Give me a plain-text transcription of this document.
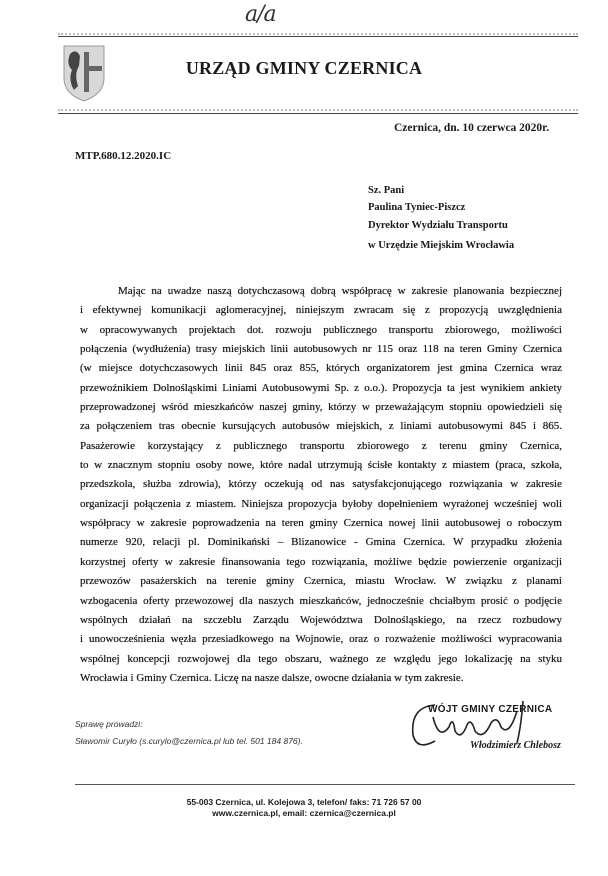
a/a
URZĄD GMINY CZERNICA
Czernica, dn. 10 czerwca 2020r.
MTP.680.12.2020.IC
Sz. Pani
Paulina Tyniec-Piszcz
Dyrektor Wydziału Transportu
w Urzędzie Miejskim Wrocławia
Mając na uwadze naszą dotychczasową dobrą współpracę w zakresie planowania bezpiecznej
i efektywnej komunikacji aglomeracyjnej, niniejszym zwracam się z propozycją uwzględnienia
w opracowywanych projektach dot. rozwoju publicznego transportu zbiorowego, możliwości
połączenia (wydłużenia) trasy miejskich linii autobusowych nr 115 oraz 118 na teren Gminy Czernica
(w miejsce dotychczasowych linii 845 oraz 855, których organizatorem jest gmina Czernica wraz
przewoźnikiem Dolnośląskimi Liniami Autobusowymi Sp. z o.o.). Propozycja ta jest wynikiem ankiety
przeprowadzonej wśród mieszkańców naszej gminy, którzy w przeważającym stopniu opowiedzieli się
za połączeniem tras obecnie kursujących autobusów miejskich, z liniami autobusowymi 845 i 865.
Pasażerowie korzystający z publicznego transportu zbiorowego z terenu gminy Czernica,
to w znacznym stopniu osoby nowe, które nadal utrzymują ścisłe kontakty z miastem (praca, szkoła,
przedszkola, służba zdrowia), którzy oczekują od nas satysfakcjonującego rozwiązania w zakresie
organizacji połączenia z miastem. Niniejsza propozycja byłoby dopełnieniem wyrażonej wcześniej woli
współpracy w zakresie poprowadzenia na teren gminy Czernica nowej linii autobusowej o roboczym
numerze 920, relacji pl. Dominikański – Blizanowice - Gmina Czernica. W przypadku złożenia
korzystnej oferty w zakresie finansowania tego rozwiązania, możliwe będzie powierzenie organizacji
przewozów pasażerskich na terenie gminy Czernica, miastu Wrocław. W związku z planami
wzbogacenia oferty przewozowej dla naszych mieszkańców, jednocześnie chciałbym prosić o podjęcie
wspólnych działań na szczeblu Zarządu Województwa Dolnośląskiego, na rzecz rozbudowy
i unowocześnienia węzła przesiadkowego na Wojnowie, oraz o rozważenie możliwości wypracowania
wspólnej koncepcji rozwojowej dla tego obszaru, ważnego ze względu jego lokalizację na styku
Wrocławia i Gminy Czernica. Liczę na nasze dalsze, owocne działania w tym zakresie.
Sprawę prowadzi:
Sławomir Curyło (s.curylo@czernica.pl lub tel. 501 184 876).
WÓJT GMINY CZERNICA
Włodzimierz Chlebosz
55-003 Czernica, ul. Kolejowa 3, telefon/ faks: 71 726 57 00
www.czernica.pl, email: czernica@czernica.pl
